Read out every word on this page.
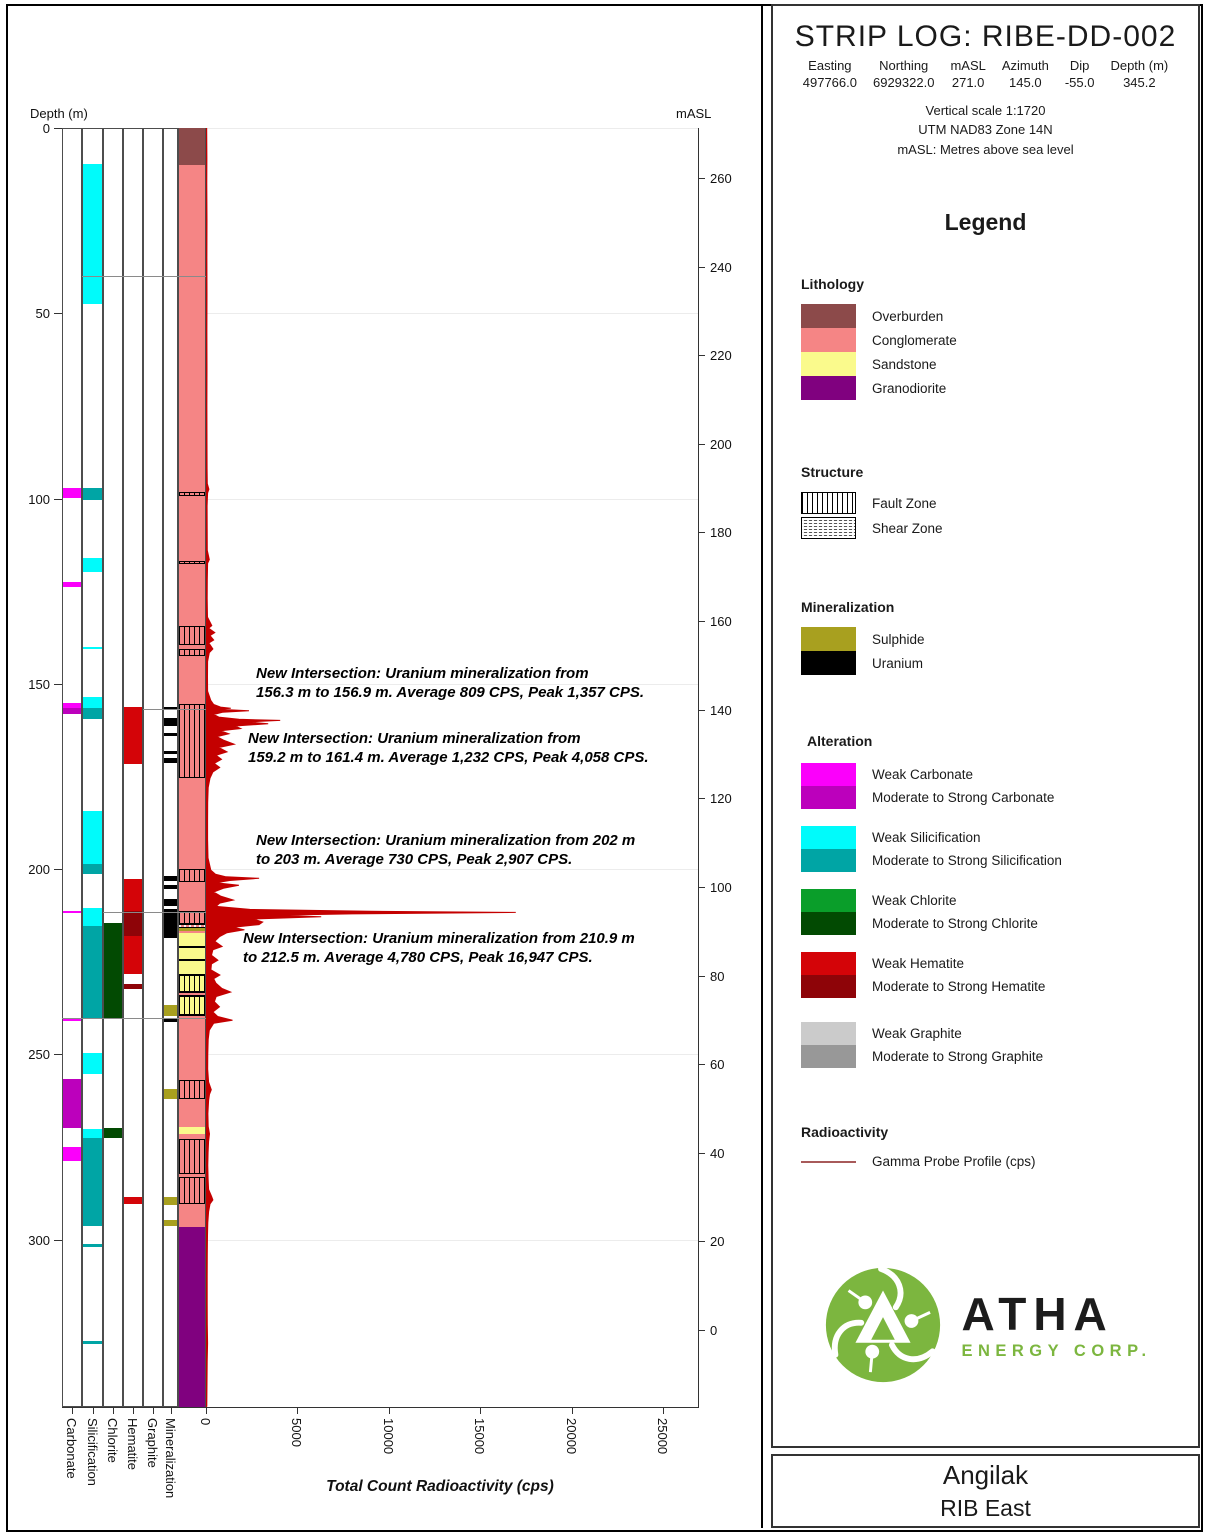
Depth (m)	mASL
New Intersection: Uranium mineralization from
156.3 m to 156.9 m. Average 809 CPS, Peak 1,357 CPS.
New Intersection: Uranium mineralization from
159.2 m to 161.4 m. Average 1,232 CPS, Peak 4,058 CPS.
New Intersection: Uranium mineralization from 202 m
to 203 m. Average 730 CPS, Peak 2,907 CPS.
New Intersection: Uranium mineralization from 210.9 m
to 212.5 m. Average 4,780 CPS, Peak 16,947 CPS.
Total Count Radioactivity (cps)
0
50
100
150
200
250
300
260
240
220
200
180
160
140
120
100
80
60
40
20
0
Carbonate Silicification Chlorite Hematite Graphite Mineralization 0	5000	10000	15000	20000	25000
STRIP LOG: RIBE-DD-002
Easting
497766.0
Northing
6929322.0
mASL
271.0
Azimuth
145.0
Dip
-55.0
Depth (m)
345.2
Vertical scale 1:1720
UTM NAD83 Zone 14N
mASL: Metres above sea level
Legend
Lithology
Overburden
Conglomerate
Sandstone
Granodiorite
Structure
Fault Zone
Shear Zone
Mineralization
Sulphide
Uranium
Alteration
Weak Carbonate
Moderate to Strong Carbonate
Weak Silicification
Moderate to Strong Silicification
Weak Chlorite
Moderate to Strong Chlorite
Weak Hematite
Moderate to Strong Hematite
Weak Graphite
Moderate to Strong Graphite
Radioactivity
Gamma Probe Profile (cps)
ATHA
ENERGY CORP.
Angilak
RIB East
